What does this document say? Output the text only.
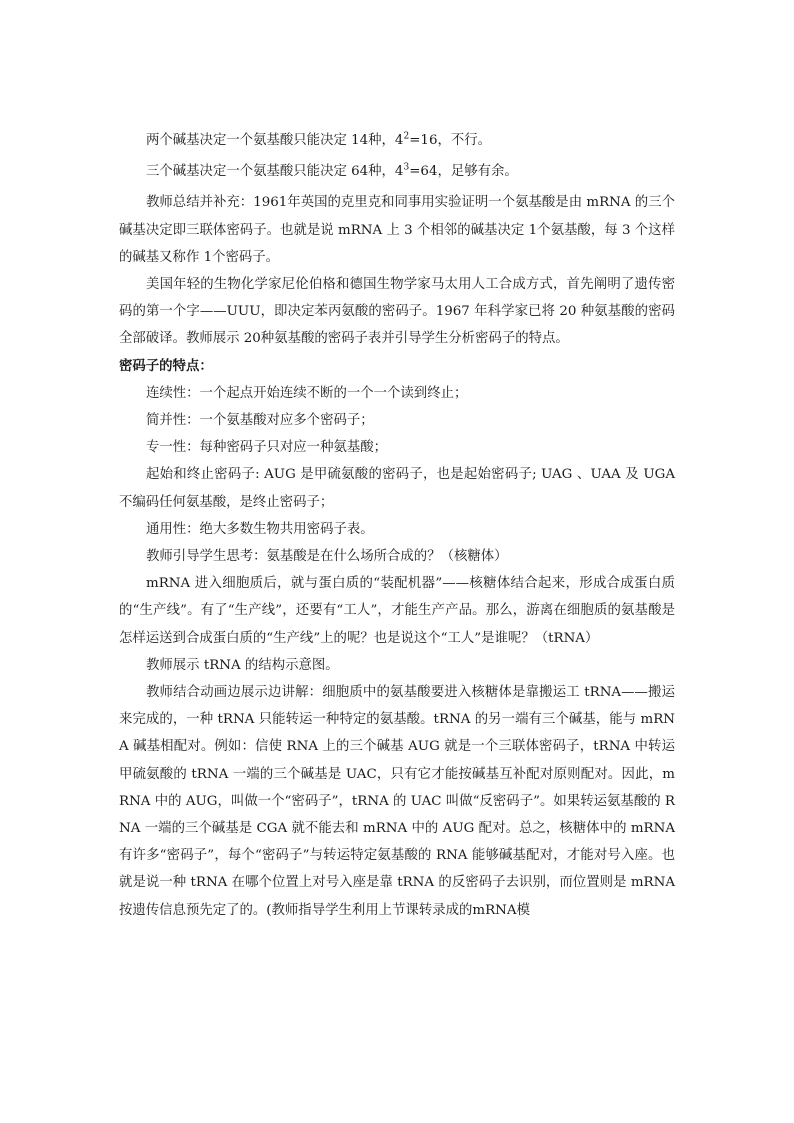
两个碱基决定一个氨基酸只能决定 14种，$4^2=16$，不行。

三个碱基决定一个氨基酸只能决定 64种，$4^3=64$，足够有余。

教师总结并补充：1961年英国的克里克和同事用实验证明一个氨基酸是由 mRNA 的三个碱基决定即三联体密码子。也就是说 mRNA 上 3 个相邻的碱基决定 1个氨基酸，每 3 个这样的碱基又称作 1个密码子。

美国年轻的生物化学家尼伦伯格和德国生物学家马太用人工合成方式，首先阐明了遗传密码的第一个字——UUU，即决定苯丙氨酸的密码子。1967 年科学家已将 20 种氨基酸的密码全部破译。教师展示 20种氨基酸的密码子表并引导学生分析密码子的特点。

密码子的特点：

连续性：一个起点开始连续不断的一个一个读到终止；

简并性：一个氨基酸对应多个密码子；

专一性：每种密码子只对应一种氨基酸；

起始和终止密码子: AUG 是甲硫氨酸的密码子，也是起始密码子; UAG 、UAA 及 UGA 不编码任何氨基酸，是终止密码子；

通用性：绝大多数生物共用密码子表。

教师引导学生思考：氨基酸是在什么场所合成的？（核糖体）

mRNA 进入细胞质后，就与蛋白质的“装配机器”——核糖体结合起来，形成合成蛋白质的“生产线”。有了“生产线”，还要有“工人”，才能生产产品。那么，游离在细胞质的氨基酸是怎样运送到合成蛋白质的“生产线”上的呢？也是说这个“工人”是谁呢？（tRNA）

教师展示 tRNA 的结构示意图。

教师结合动画边展示边讲解：细胞质中的氨基酸要进入核糖体是靠搬运工 tRNA——搬运来完成的，一种 tRNA 只能转运一种特定的氨基酸。tRNA 的另一端有三个碱基，能与 mRNA 碱基相配对。例如：信使 RNA 上的三个碱基 AUG 就是一个三联体密码子，tRNA 中转运甲硫氨酸的 tRNA 一端的三个碱基是 UAC，只有它才能按碱基互补配对原则配对。因此，mRNA 中的 AUG，叫做一个“密码子”，tRNA 的 UAC 叫做“反密码子”。如果转运氨基酸的 RNA 一端的三个碱基是 CGA 就不能去和 mRNA 中的 AUG 配对。总之，核糖体中的 mRNA 有许多“密码子”，每个“密码子”与转运特定氨基酸的 RNA 能够碱基配对，才能对号入座。也就是说一种 tRNA 在哪个位置上对号入座是靠 tRNA 的反密码子去识别，而位置则是 mRNA 按遗传信息预先定了的。(教师指导学生利用上节课转录成的mRNA模
